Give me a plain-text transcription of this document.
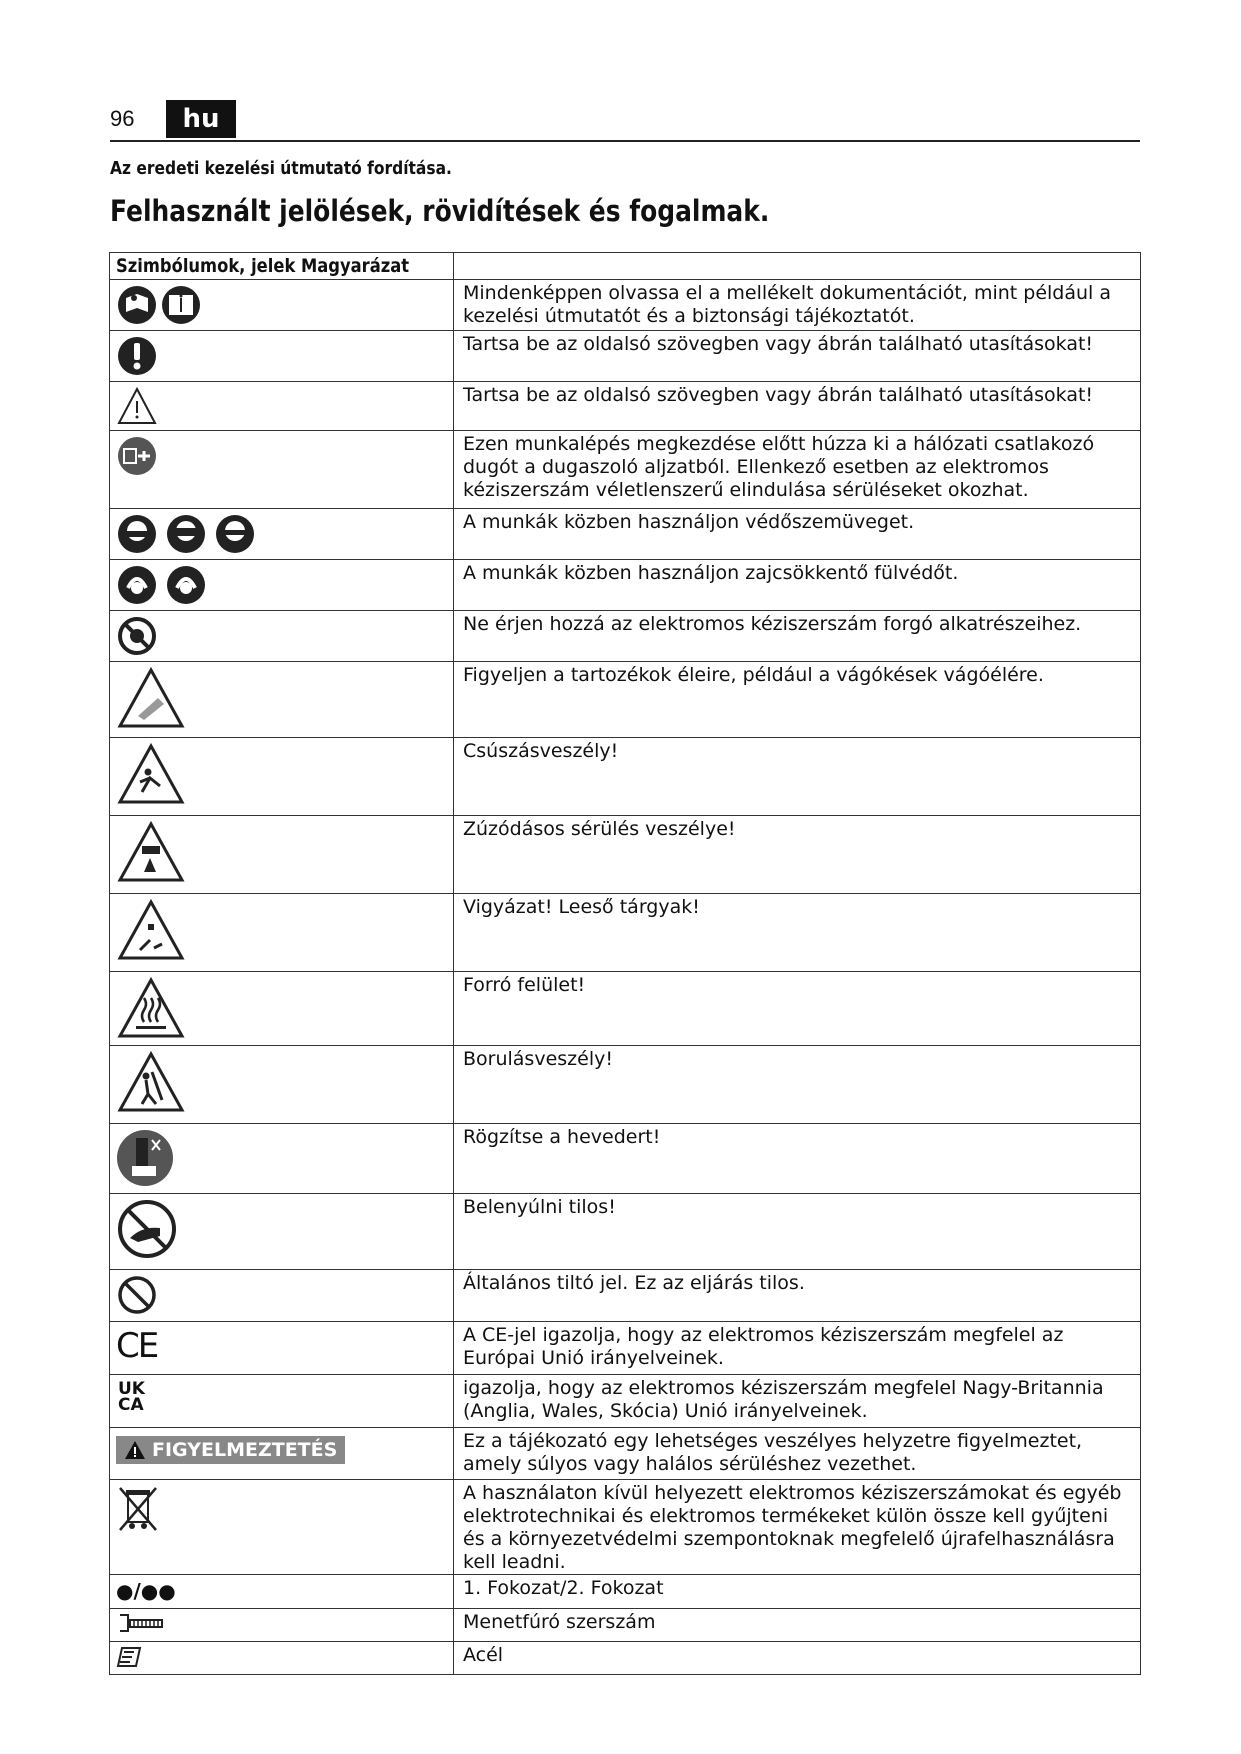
96	hu
Az eredeti kezelési útmutató fordítása.
Felhasznált jelölések, rövidítések és fogalmak.
Szimbólumok, jelek Magyarázat	

	Mindenképpen olvassa el a mellékelt dokumentációt, mint például a kezelési útmutatót és a biztonsági tájékoztatót.

	Tartsa be az oldalsó szövegben vagy ábrán található utasításokat!

	Tartsa be az oldalsó szövegben vagy ábrán található utasításokat!

	Ezen munkalépés megkezdése előtt húzza ki a hálózati csatlakozó dugót a dugaszoló aljzatból. Ellenkező esetben az elektromos kéziszerszám véletlenszerű elindulása sérüléseket okozhat.

	A munkák közben használjon védőszemüveget.

	A munkák közben használjon zajcsökkentő fülvédőt.

	Ne érjen hozzá az elektromos kéziszerszám forgó alkatrészeihez.

	Figyeljen a tartozékok éleire, például a vágókések vágóélére.

	Csúszásveszély!

	Zúzódásos sérülés veszélye!

	Vigyázat! Leeső tárgyak!

	Forró felület!

	Borulásveszély!

	Rögzítse a hevedert!

	Belenyúlni tilos!

	Általános tiltó jel. Ez az eljárás tilos.

CE	A CE-jel igazolja, hogy az elektromos kéziszerszám megfelel az Európai Unió irányelveinek.

UK
CA	igazolja, hogy az elektromos kéziszerszám megfelel Nagy-Britannia (Anglia, Wales, Skócia) Unió irányelveinek.

FIGYELMEZTETÉS	Ez a tájékozató egy lehetséges veszélyes helyzetre figyelmeztet, amely súlyos vagy halálos sérüléshez vezethet.

	A használaton kívül helyezett elektromos kéziszerszámokat és egyéb elektrotechnikai és elektromos termékeket külön össze kell gyűjteni és a környezetvédelmi szempontoknak megfelelő újrafelhasználásra kell leadni.

●/●●	1. Fokozat/2. Fokozat

	Menetfúró szerszám

	Acél
